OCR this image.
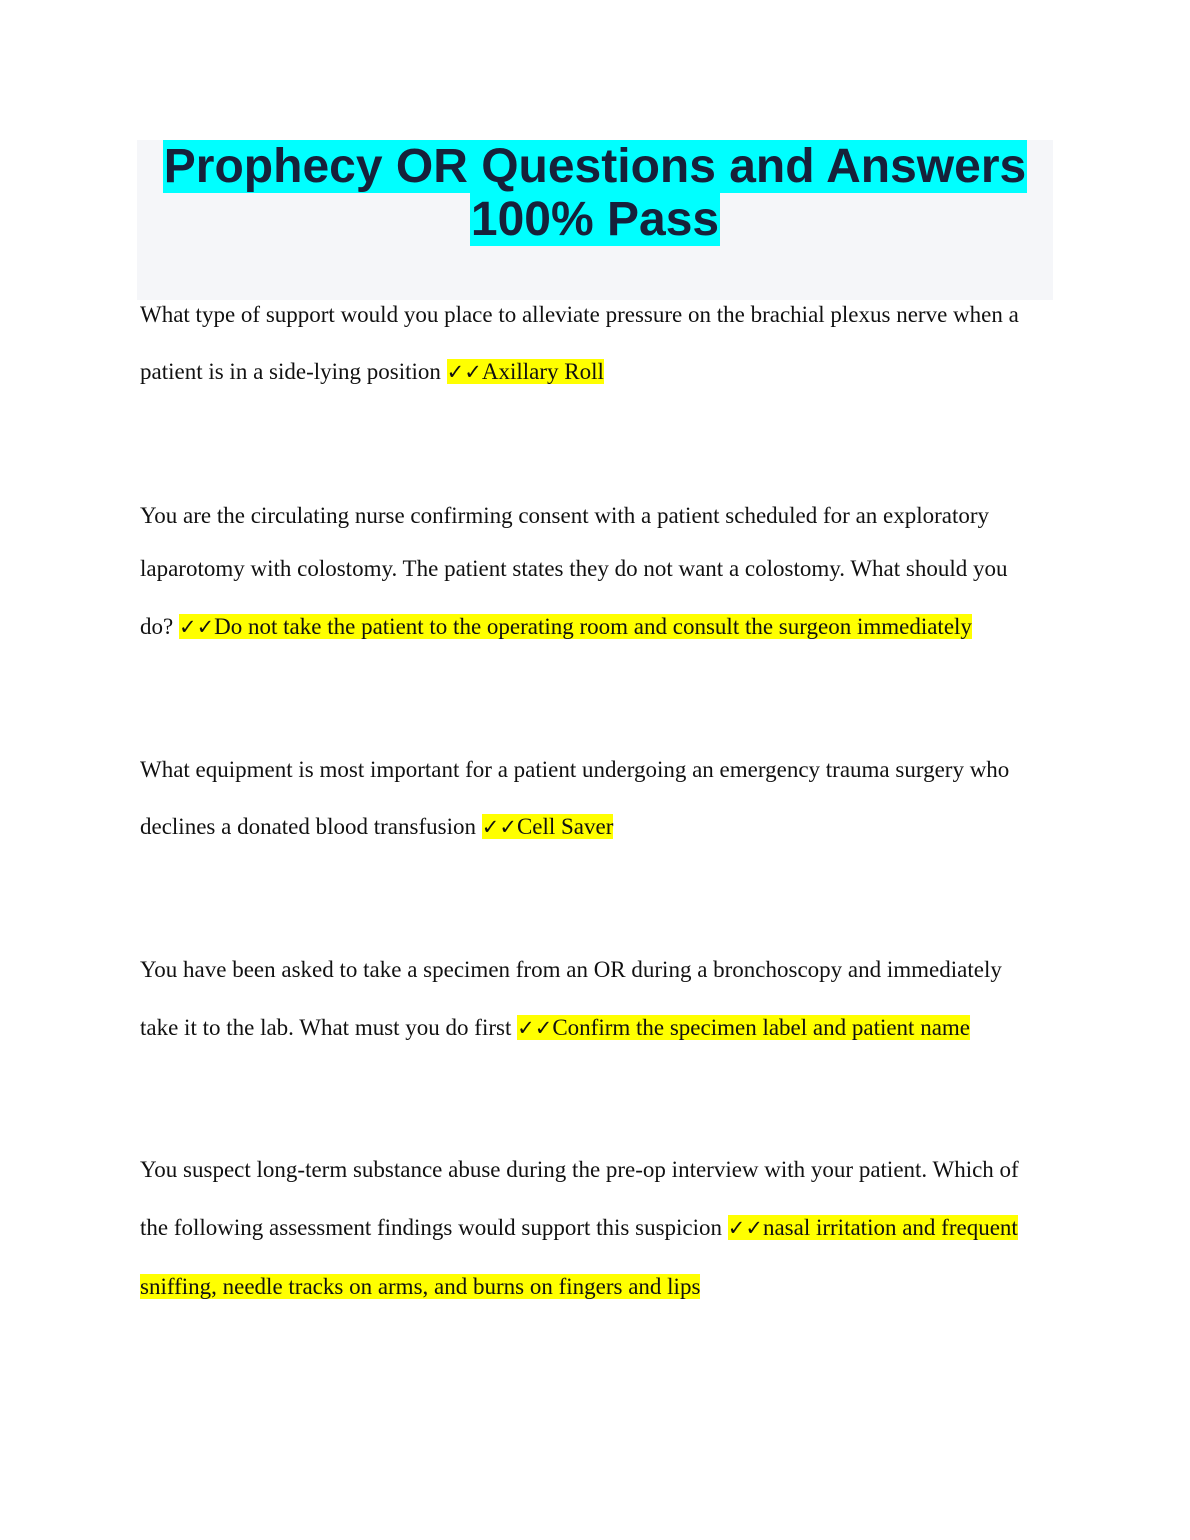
Prophecy OR Questions and Answers
100% Pass
What type of support would you place to alleviate pressure on the brachial plexus nerve when a
patient is in a side-lying position ✓✓Axillary Roll
You are the circulating nurse confirming consent with a patient scheduled for an exploratory
laparotomy with colostomy. The patient states they do not want a colostomy. What should you
do? ✓✓Do not take the patient to the operating room and consult the surgeon immediately
What equipment is most important for a patient undergoing an emergency trauma surgery who
declines a donated blood transfusion ✓✓Cell Saver
You have been asked to take a specimen from an OR during a bronchoscopy and immediately
take it to the lab. What must you do first ✓✓Confirm the specimen label and patient name
You suspect long-term substance abuse during the pre-op interview with your patient. Which of
the following assessment findings would support this suspicion ✓✓nasal irritation and frequent
sniffing, needle tracks on arms, and burns on fingers and lips
